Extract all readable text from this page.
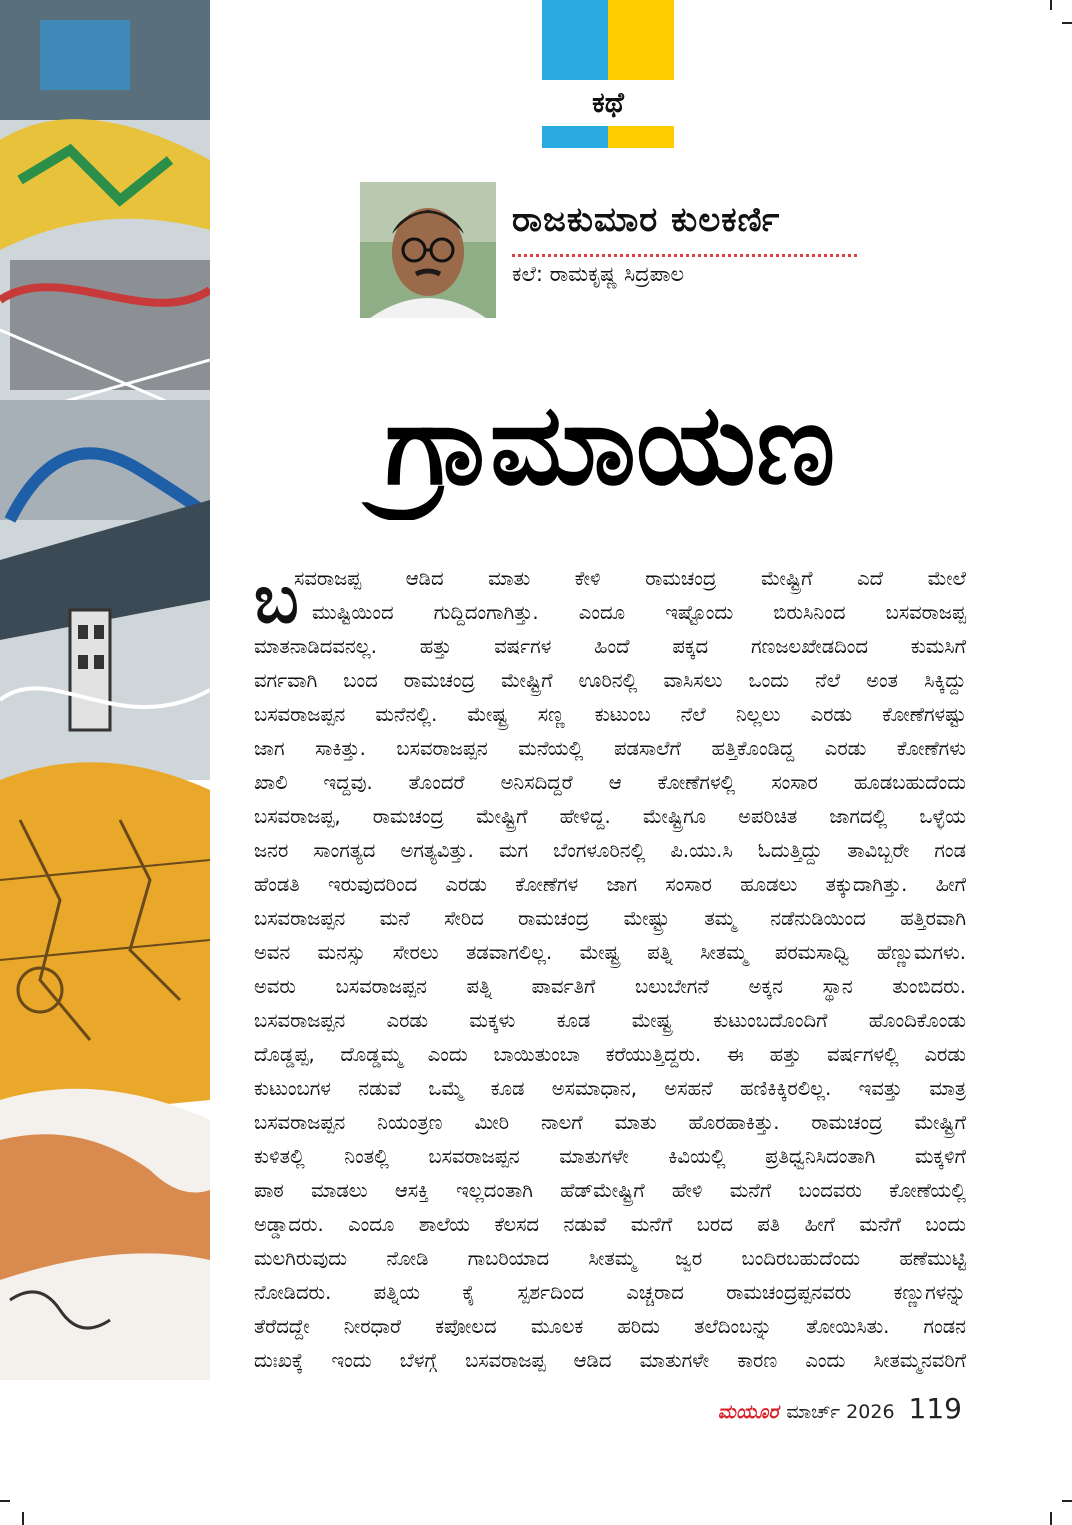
ಕಥೆ
ರಾಜಕುಮಾರ ಕುಲಕರ್ಣಿ
ಕಲೆ: ರಾಮಕೃಷ್ಣ ಸಿದ್ರಪಾಲ
ಗ್ರಾಮಾಯಣ
ಬ
ಸವರಾಜಪ್ಪ ಆಡಿದ ಮಾತು ಕೇಳಿ ರಾಮಚಂದ್ರ ಮೇಷ್ಟ್ರಿಗೆ ಎದೆ ಮೇಲೆ
ಮುಷ್ಟಿಯಿಂದ ಗುದ್ದಿದಂಗಾಗಿತ್ತು. ಎಂದೂ ಇಷ್ಟೊಂದು ಬಿರುಸಿನಿಂದ ಬಸವರಾಜಪ್ಪ
ಮಾತನಾಡಿದವನಲ್ಲ. ಹತ್ತು ವರ್ಷಗಳ ಹಿಂದೆ ಪಕ್ಕದ ಗಣಜಲಖೇಡದಿಂದ ಕುಮಸಿಗೆ
ವರ್ಗವಾಗಿ ಬಂದ ರಾಮಚಂದ್ರ ಮೇಷ್ಟ್ರಿಗೆ ಊರಿನಲ್ಲಿ ವಾಸಿಸಲು ಒಂದು ನೆಲೆ ಅಂತ ಸಿಕ್ಕಿದ್ದು
ಬಸವರಾಜಪ್ಪನ ಮನೆನಲ್ಲಿ. ಮೇಷ್ಟ್ರ ಸಣ್ಣ ಕುಟುಂಬ ನೆಲೆ ನಿಲ್ಲಲು ಎರಡು ಕೋಣೆಗಳಷ್ಟು
ಜಾಗ ಸಾಕಿತ್ತು. ಬಸವರಾಜಪ್ಪನ ಮನೆಯಲ್ಲಿ ಪಡಸಾಲೆಗೆ ಹತ್ತಿಕೊಂಡಿದ್ದ ಎರಡು ಕೋಣೆಗಳು
ಖಾಲಿ ಇದ್ದವು. ತೊಂದರೆ ಅನಿಸದಿದ್ದರೆ ಆ ಕೋಣೆಗಳಲ್ಲಿ ಸಂಸಾರ ಹೂಡಬಹುದೆಂದು
ಬಸವರಾಜಪ್ಪ, ರಾಮಚಂದ್ರ ಮೇಷ್ಟ್ರಿಗೆ ಹೇಳಿದ್ದ. ಮೇಷ್ಟ್ರಿಗೂ ಅಪರಿಚಿತ ಜಾಗದಲ್ಲಿ ಒಳ್ಳೆಯ
ಜನರ ಸಾಂಗತ್ಯದ ಅಗತ್ಯವಿತ್ತು. ಮಗ ಬೆಂಗಳೂರಿನಲ್ಲಿ ಪಿ.ಯು.ಸಿ ಓದುತ್ತಿದ್ದು ತಾವಿಬ್ಬರೇ ಗಂಡ
ಹೆಂಡತಿ ಇರುವುದರಿಂದ ಎರಡು ಕೋಣೆಗಳ ಜಾಗ ಸಂಸಾರ ಹೂಡಲು ತಕ್ಕುದಾಗಿತ್ತು. ಹೀಗೆ
ಬಸವರಾಜಪ್ಪನ ಮನೆ ಸೇರಿದ ರಾಮಚಂದ್ರ ಮೇಷ್ಟ್ರು ತಮ್ಮ ನಡೆನುಡಿಯಿಂದ ಹತ್ತಿರವಾಗಿ
ಅವನ ಮನಸ್ಸು ಸೇರಲು ತಡವಾಗಲಿಲ್ಲ. ಮೇಷ್ಟ್ರ ಪತ್ನಿ ಸೀತಮ್ಮ ಪರಮಸಾಧ್ವಿ ಹೆಣ್ಣುಮಗಳು.
ಅವರು ಬಸವರಾಜಪ್ಪನ ಪತ್ನಿ ಪಾರ್ವತಿಗೆ ಬಲುಬೇಗನೆ ಅಕ್ಕನ ಸ್ಥಾನ ತುಂಬಿದರು.
ಬಸವರಾಜಪ್ಪನ ಎರಡು ಮಕ್ಕಳು ಕೂಡ ಮೇಷ್ಟ್ರ ಕುಟುಂಬದೊಂದಿಗೆ ಹೊಂದಿಕೊಂಡು
ದೊಡ್ಡಪ್ಪ, ದೊಡ್ಡಮ್ಮ ಎಂದು ಬಾಯಿತುಂಬಾ ಕರೆಯುತ್ತಿದ್ದರು. ಈ ಹತ್ತು ವರ್ಷಗಳಲ್ಲಿ ಎರಡು
ಕುಟುಂಬಗಳ ನಡುವೆ ಒಮ್ಮೆ ಕೂಡ ಅಸಮಾಧಾನ, ಅಸಹನೆ ಹಣಿಕಿಕ್ಕಿರಲಿಲ್ಲ. ಇವತ್ತು ಮಾತ್ರ
ಬಸವರಾಜಪ್ಪನ ನಿಯಂತ್ರಣ ಮೀರಿ ನಾಲಗೆ ಮಾತು ಹೊರಹಾಕಿತ್ತು. ರಾಮಚಂದ್ರ ಮೇಷ್ಟ್ರಿಗೆ
ಕುಳಿತಲ್ಲಿ ನಿಂತಲ್ಲಿ ಬಸವರಾಜಪ್ಪನ ಮಾತುಗಳೇ ಕಿವಿಯಲ್ಲಿ ಪ್ರತಿಧ್ವನಿಸಿದಂತಾಗಿ ಮಕ್ಕಳಿಗೆ
ಪಾಠ ಮಾಡಲು ಆಸಕ್ತಿ ಇಲ್ಲದಂತಾಗಿ ಹೆಡ್‌ಮೇಷ್ಟ್ರಿಗೆ ಹೇಳಿ ಮನೆಗೆ ಬಂದವರು ಕೋಣೆಯಲ್ಲಿ
ಅಡ್ಡಾದರು. ಎಂದೂ ಶಾಲೆಯ ಕೆಲಸದ ನಡುವೆ ಮನೆಗೆ ಬರದ ಪತಿ ಹೀಗೆ ಮನೆಗೆ ಬಂದು
ಮಲಗಿರುವುದು ನೋಡಿ ಗಾಬರಿಯಾದ ಸೀತಮ್ಮ ಜ್ವರ ಬಂದಿರಬಹುದೆಂದು ಹಣೆಮುಟ್ಟಿ
ನೋಡಿದರು. ಪತ್ನಿಯ ಕೈ ಸ್ಪರ್ಶದಿಂದ ಎಚ್ಚರಾದ ರಾಮಚಂದ್ರಪ್ಪನವರು ಕಣ್ಣುಗಳನ್ನು
ತೆರೆದದ್ದೇ ನೀರಧಾರೆ ಕಪೋಲದ ಮೂಲಕ ಹರಿದು ತಲೆದಿಂಬನ್ನು ತೋಯಿಸಿತು. ಗಂಡನ
ದುಃಖಕ್ಕೆ ಇಂದು ಬೆಳಗ್ಗೆ ಬಸವರಾಜಪ್ಪ ಆಡಿದ ಮಾತುಗಳೇ ಕಾರಣ ಎಂದು ಸೀತಮ್ಮನವರಿಗೆ
ಮಯೂರ ಮಾರ್ಚ್ 2026 119
